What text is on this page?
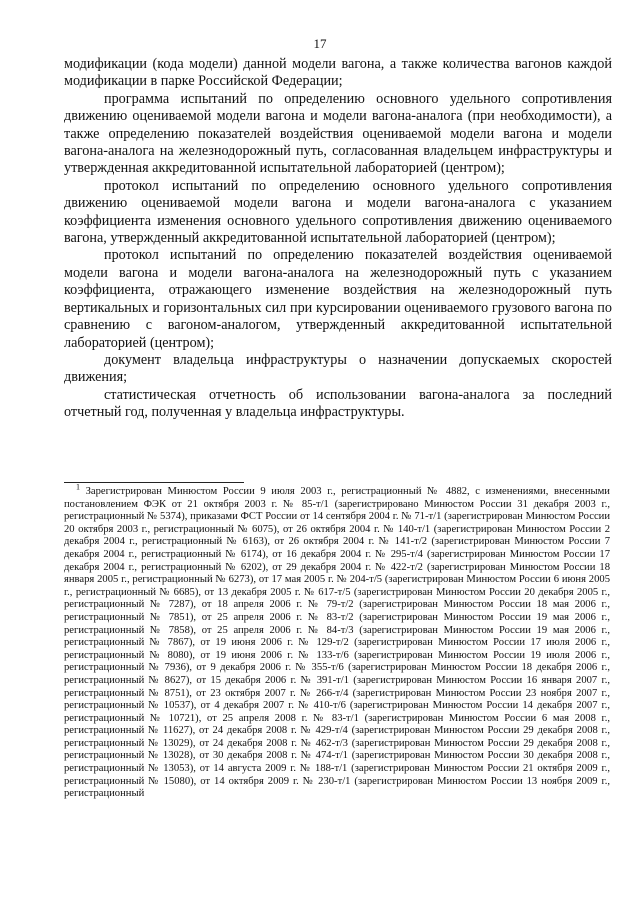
17

модификации (кода модели) данной модели вагона, а также количества вагонов каждой модификации в парке Российской Федерации;

программа испытаний по определению основного удельного сопротивления движению оцениваемой модели вагона и модели вагона-аналога (при необходимости), а также определению показателей воздействия оцениваемой модели вагона и модели вагона-аналога на железнодорожный путь, согласованная владельцем инфраструктуры и утвержденная аккредитованной испытательной лабораторией (центром);

протокол испытаний по определению основного удельного сопротивления движению оцениваемой модели вагона и модели вагона-аналога с указанием коэффициента изменения основного удельного сопротивления движению оцениваемого вагона, утвержденный аккредитованной испытательной лабораторией (центром);

протокол испытаний по определению показателей воздействия оцениваемой модели вагона и модели вагона-аналога на железнодорожный путь с указанием коэффициента, отражающего изменение воздействия на железнодорожный путь вертикальных и горизонтальных сил при курсировании оцениваемого грузового вагона по сравнению с вагоном-аналогом, утвержденный аккредитованной испытательной лабораторией (центром);

документ владельца инфраструктуры о назначении допускаемых скоростей движения;

статистическая отчетность об использовании вагона-аналога за последний отчетный год, полученная у владельца инфраструктуры.

$^1$ Зарегистрирован Минюстом России 9 июля 2003 г., регистрационный № 4882, с изменениями, внесенными постановлением ФЭК от 21 октября 2003 г. № 85-т/1 (зарегистрировано Минюстом России 31 декабря 2003 г., регистрационный № 5374), приказами ФСТ России от 14 сентября 2004 г. № 71-т/1 (зарегистрирован Минюстом России 20 октября 2003 г., регистрационный № 6075), от 26 октября 2004 г. № 140-т/1 (зарегистрирован Минюстом России 2 декабря 2004 г., регистрационный № 6163), от 26 октября 2004 г. № 141-т/2 (зарегистрирован Минюстом России 7 декабря 2004 г., регистрационный № 6174), от 16 декабря 2004 г. № 295-т/4 (зарегистрирован Минюстом России 17 декабря 2004 г., регистрационный № 6202), от 29 декабря 2004 г. № 422-т/2 (зарегистрирован Минюстом России 18 января 2005 г., регистрационный № 6273), от 17 мая 2005 г. № 204-т/5 (зарегистрирован Минюстом России 6 июня 2005 г., регистрационный № 6685), от 13 декабря 2005 г. № 617-т/5 (зарегистрирован Минюстом России 20 декабря 2005 г., регистрационный № 7287), от 18 апреля 2006 г. № 79-т/2 (зарегистрирован Минюстом России 18 мая 2006 г., регистрационный № 7851), от 25 апреля 2006 г. № 83-т/2 (зарегистрирован Минюстом России 19 мая 2006 г., регистрационный № 7858), от 25 апреля 2006 г. № 84-т/3 (зарегистрирован Минюстом России 19 мая 2006 г., регистрационный № 7867), от 19 июня 2006 г. № 129-т/2 (зарегистрирован Минюстом России 17 июля 2006 г., регистрационный № 8080), от 19 июня 2006 г. № 133-т/6 (зарегистрирован Минюстом России 19 июля 2006 г., регистрационный № 7936), от 9 декабря 2006 г. № 355-т/6 (зарегистрирован Минюстом России 18 декабря 2006 г., регистрационный № 8627), от 15 декабря 2006 г. № 391-т/1 (зарегистрирован Минюстом России 16 января 2007 г., регистрационный № 8751), от 23 октября 2007 г. № 266-т/4 (зарегистрирован Минюстом России 23 ноября 2007 г., регистрационный № 10537), от 4 декабря 2007 г. № 410-т/6 (зарегистрирован Минюстом России 14 декабря 2007 г., регистрационный № 10721), от 25 апреля 2008 г. № 83-т/1 (зарегистрирован Минюстом России 6 мая 2008 г., регистрационный № 11627), от 24 декабря 2008 г. № 429-т/4 (зарегистрирован Минюстом России 29 декабря 2008 г., регистрационный № 13029), от 24 декабря 2008 г. № 462-т/3 (зарегистрирован Минюстом России 29 декабря 2008 г., регистрационный № 13028), от 30 декабря 2008 г. № 474-т/1 (зарегистрирован Минюстом России 30 декабря 2008 г., регистрационный № 13053), от 14 августа 2009 г. № 188-т/1 (зарегистрирован Минюстом России 21 октября 2009 г., регистрационный № 15080), от 14 октября 2009 г. № 230-т/1 (зарегистрирован Минюстом России 13 ноября 2009 г., регистрационный
